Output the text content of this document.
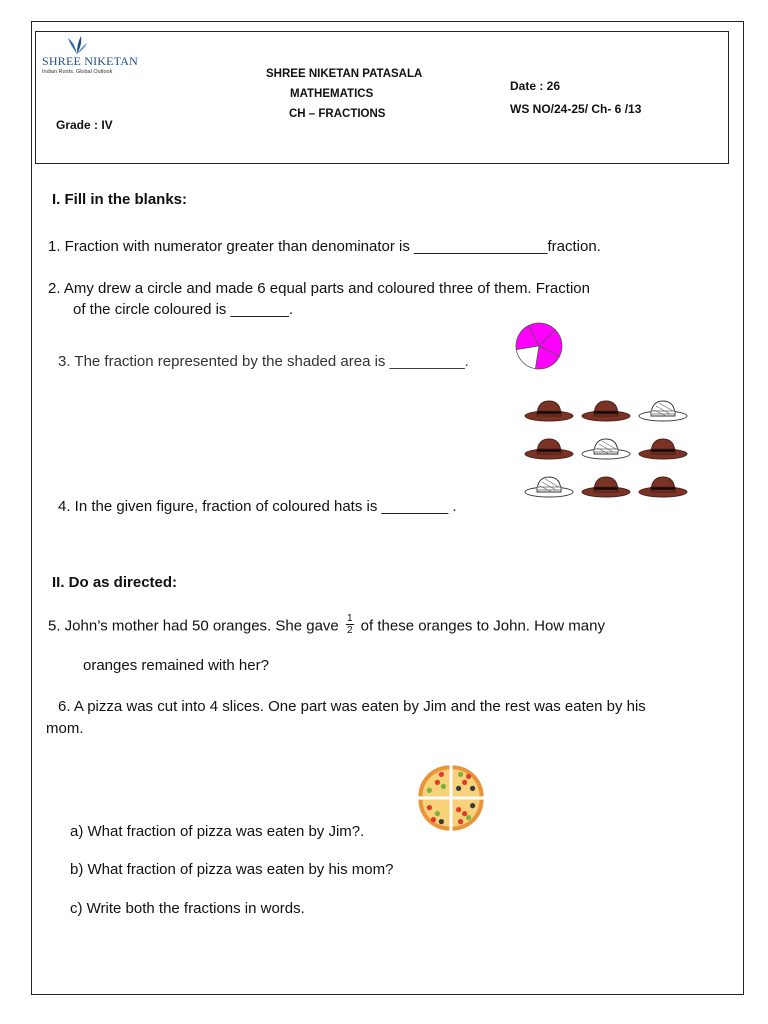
SHREE NIKETAN
Indian Roots. Global Outlook	SHREE NIKETAN PATASALA
MATHEMATICS
CH – FRACTIONS
Date : 26
WS NO/24-25/ Ch- 6 /13
Grade : IV
I. Fill in the blanks:
1. Fraction with numerator greater than denominator is ________________fraction.
2. Amy drew a circle and made 6 equal parts and coloured three of them. Fraction
of the circle coloured is _______.
3. The fraction represented by the shaded area is _________.
4. In the given figure, fraction of coloured hats is ________ .
II. Do as directed:
5. John’s mother had 50 oranges. She gave $\frac{1}{2}$ of these oranges to John. How many
oranges remained with her?
6. A pizza was cut into 4 slices. One part was eaten by Jim and the rest was eaten by his
mom.
a) What fraction of pizza was eaten by Jim?.
b) What fraction of pizza was eaten by his mom?
c) Write both the fractions in words.
